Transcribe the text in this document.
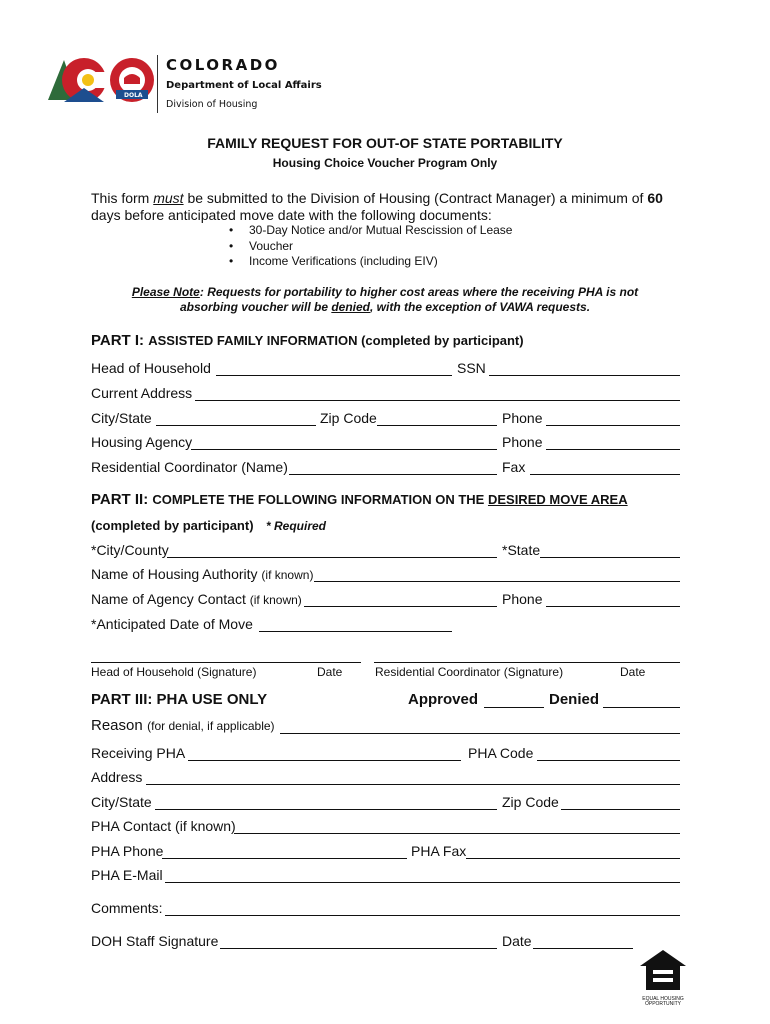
DOLA
COLORADO
Department of Local Affairs
Division of Housing
FAMILY REQUEST FOR OUT-OF STATE PORTABILITY
Housing Choice Voucher Program Only
This form must be submitted to the Division of Housing (Contract Manager) a minimum of 60
days before anticipated move date with the following documents:
• 30-Day Notice and/or Mutual Rescission of Lease
• Voucher
• Income Verifications (including EIV)
Please Note: Requests for portability to higher cost areas where the receiving PHA is not
absorbing voucher will be denied, with the exception of VAWA requests.
PART I: ASSISTED FAMILY INFORMATION (completed by participant)
Head of Household	SSN
Current Address
City/State	Zip Code	Phone
Housing Agency	Phone
Residential Coordinator (Name)	Fax
PART II: COMPLETE THE FOLLOWING INFORMATION ON THE DESIRED MOVE AREA
(completed by participant) * Required
*City/County	*State
Name of Housing Authority (if known)
Name of Agency Contact (if known)	Phone
*Anticipated Date of Move
Head of Household (Signature)	Date	Residential Coordinator (Signature)	Date
PART III: PHA USE ONLY	Approved	Denied
Reason (for denial, if applicable)
Receiving PHA	PHA Code
Address
City/State	Zip Code
PHA Contact (if known)
PHA Phone	PHA Fax
PHA E-Mail
Comments:
DOH Staff Signature	Date
EQUAL HOUSING OPPORTUNITY
